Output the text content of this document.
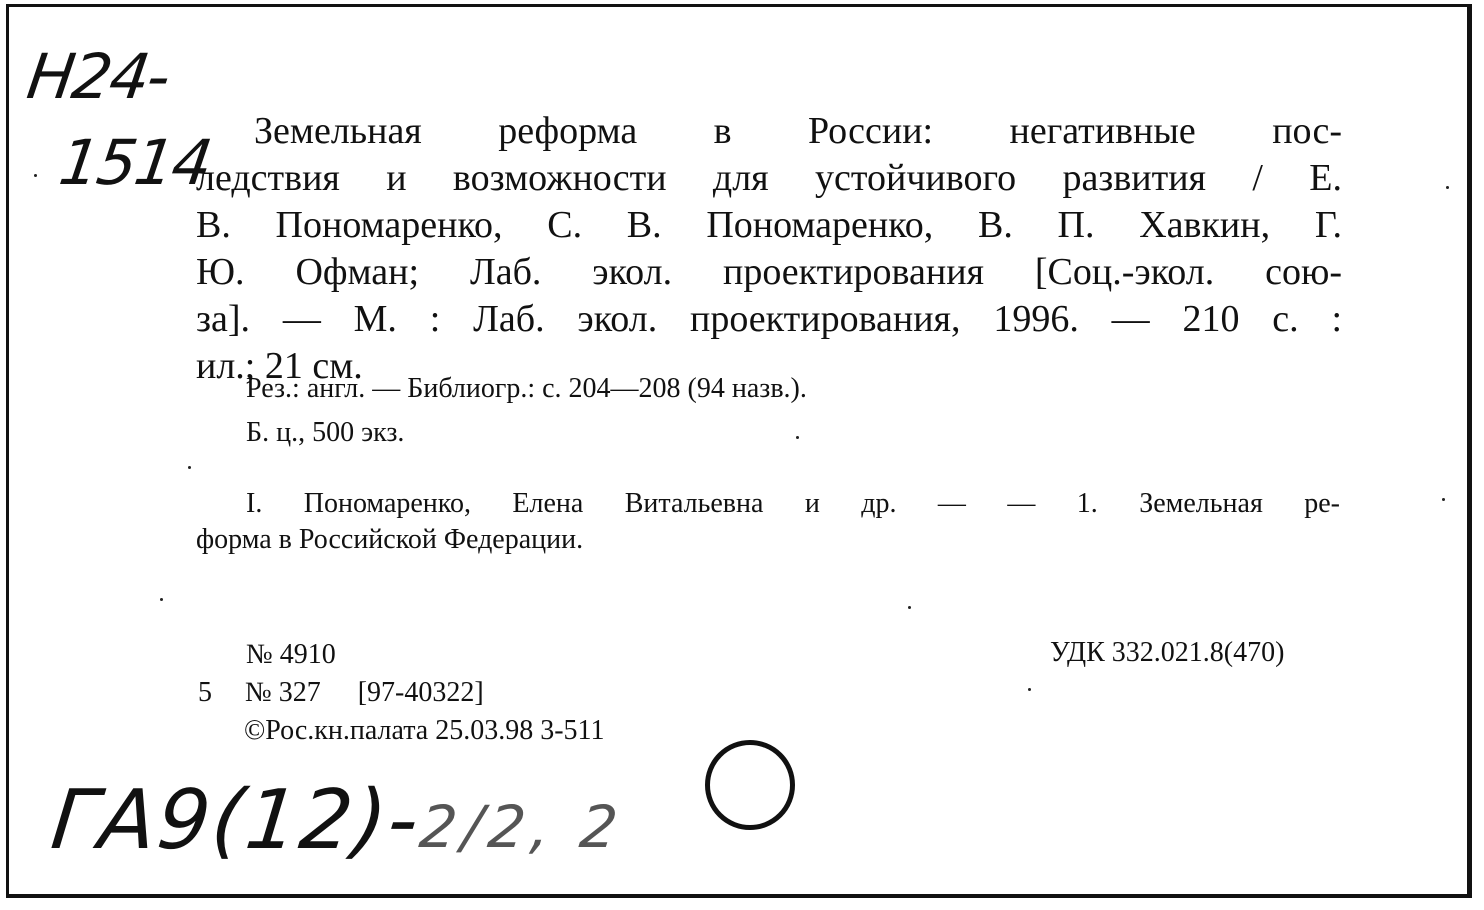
Н24-
1514	Земельная реформа в России: негативные пос-
ледствия и возможности для устойчивого развития / Е.
В. Пономаренко, С. В. Пономаренко, В. П. Хавкин, Г.
Ю. Офман; Лаб. экол. проектирования [Соц.-экол. сою-
за]. — М. : Лаб. экол. проектирования, 1996. — 210 с. :
ил.; 21 см.
Рез.: англ. — Библиогр.: с. 204—208 (94 назв.).
Б. ц., 500 экз.
I. Пономаренко, Елена Витальевна и др. — — 1. Земельная ре-
форма в Российской Федерации.
№ 4910
5 № 327 [97-40322]
©Рос.кн.палата 25.03.98 3-511
УДК 332.021.8(470)
ГА9(12)-
2/2, 2
